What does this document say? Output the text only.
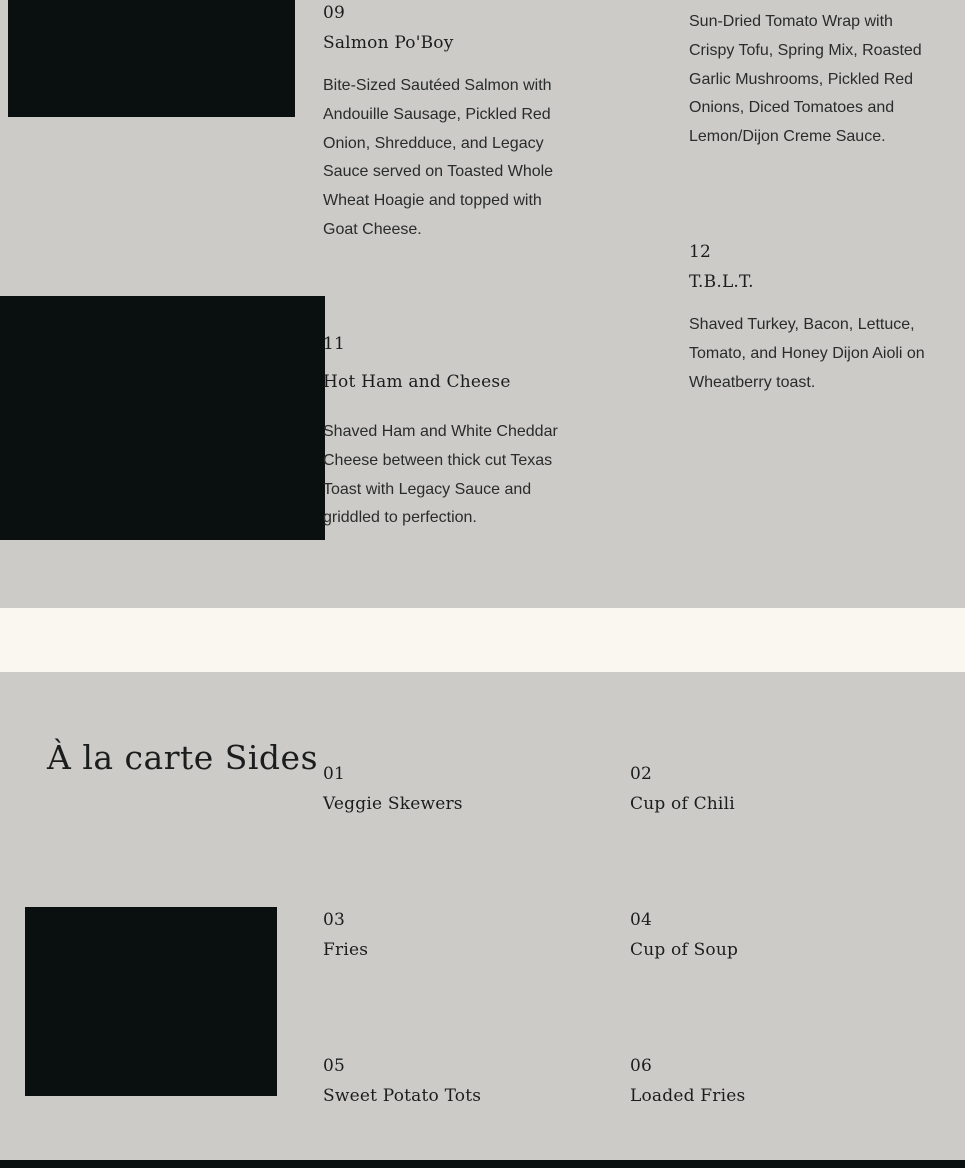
09
Salmon Po'Boy
Bite-Sized Sautéed Salmon with Andouille Sausage, Pickled Red Onion, Shredduce, and Legacy Sauce served on Toasted Whole Wheat Hoagie and topped with Goat Cheese.
Sun-Dried Tomato Wrap with Crispy Tofu, Spring Mix, Roasted Garlic Mushrooms, Pickled Red Onions, Diced Tomatoes and Lemon/Dijon Creme Sauce.
12
T.B.L.T.
Shaved Turkey, Bacon, Lettuce, Tomato, and Honey Dijon Aioli on Wheatberry toast.
11
Hot Ham and Cheese
Shaved Ham and White Cheddar Cheese between thick cut Texas Toast with Legacy Sauce and griddled to perfection.
À la carte Sides 01
Veggie Skewers
02
Cup of Chili
03
Fries
04
Cup of Soup
05
Sweet Potato Tots
06
Loaded Fries
